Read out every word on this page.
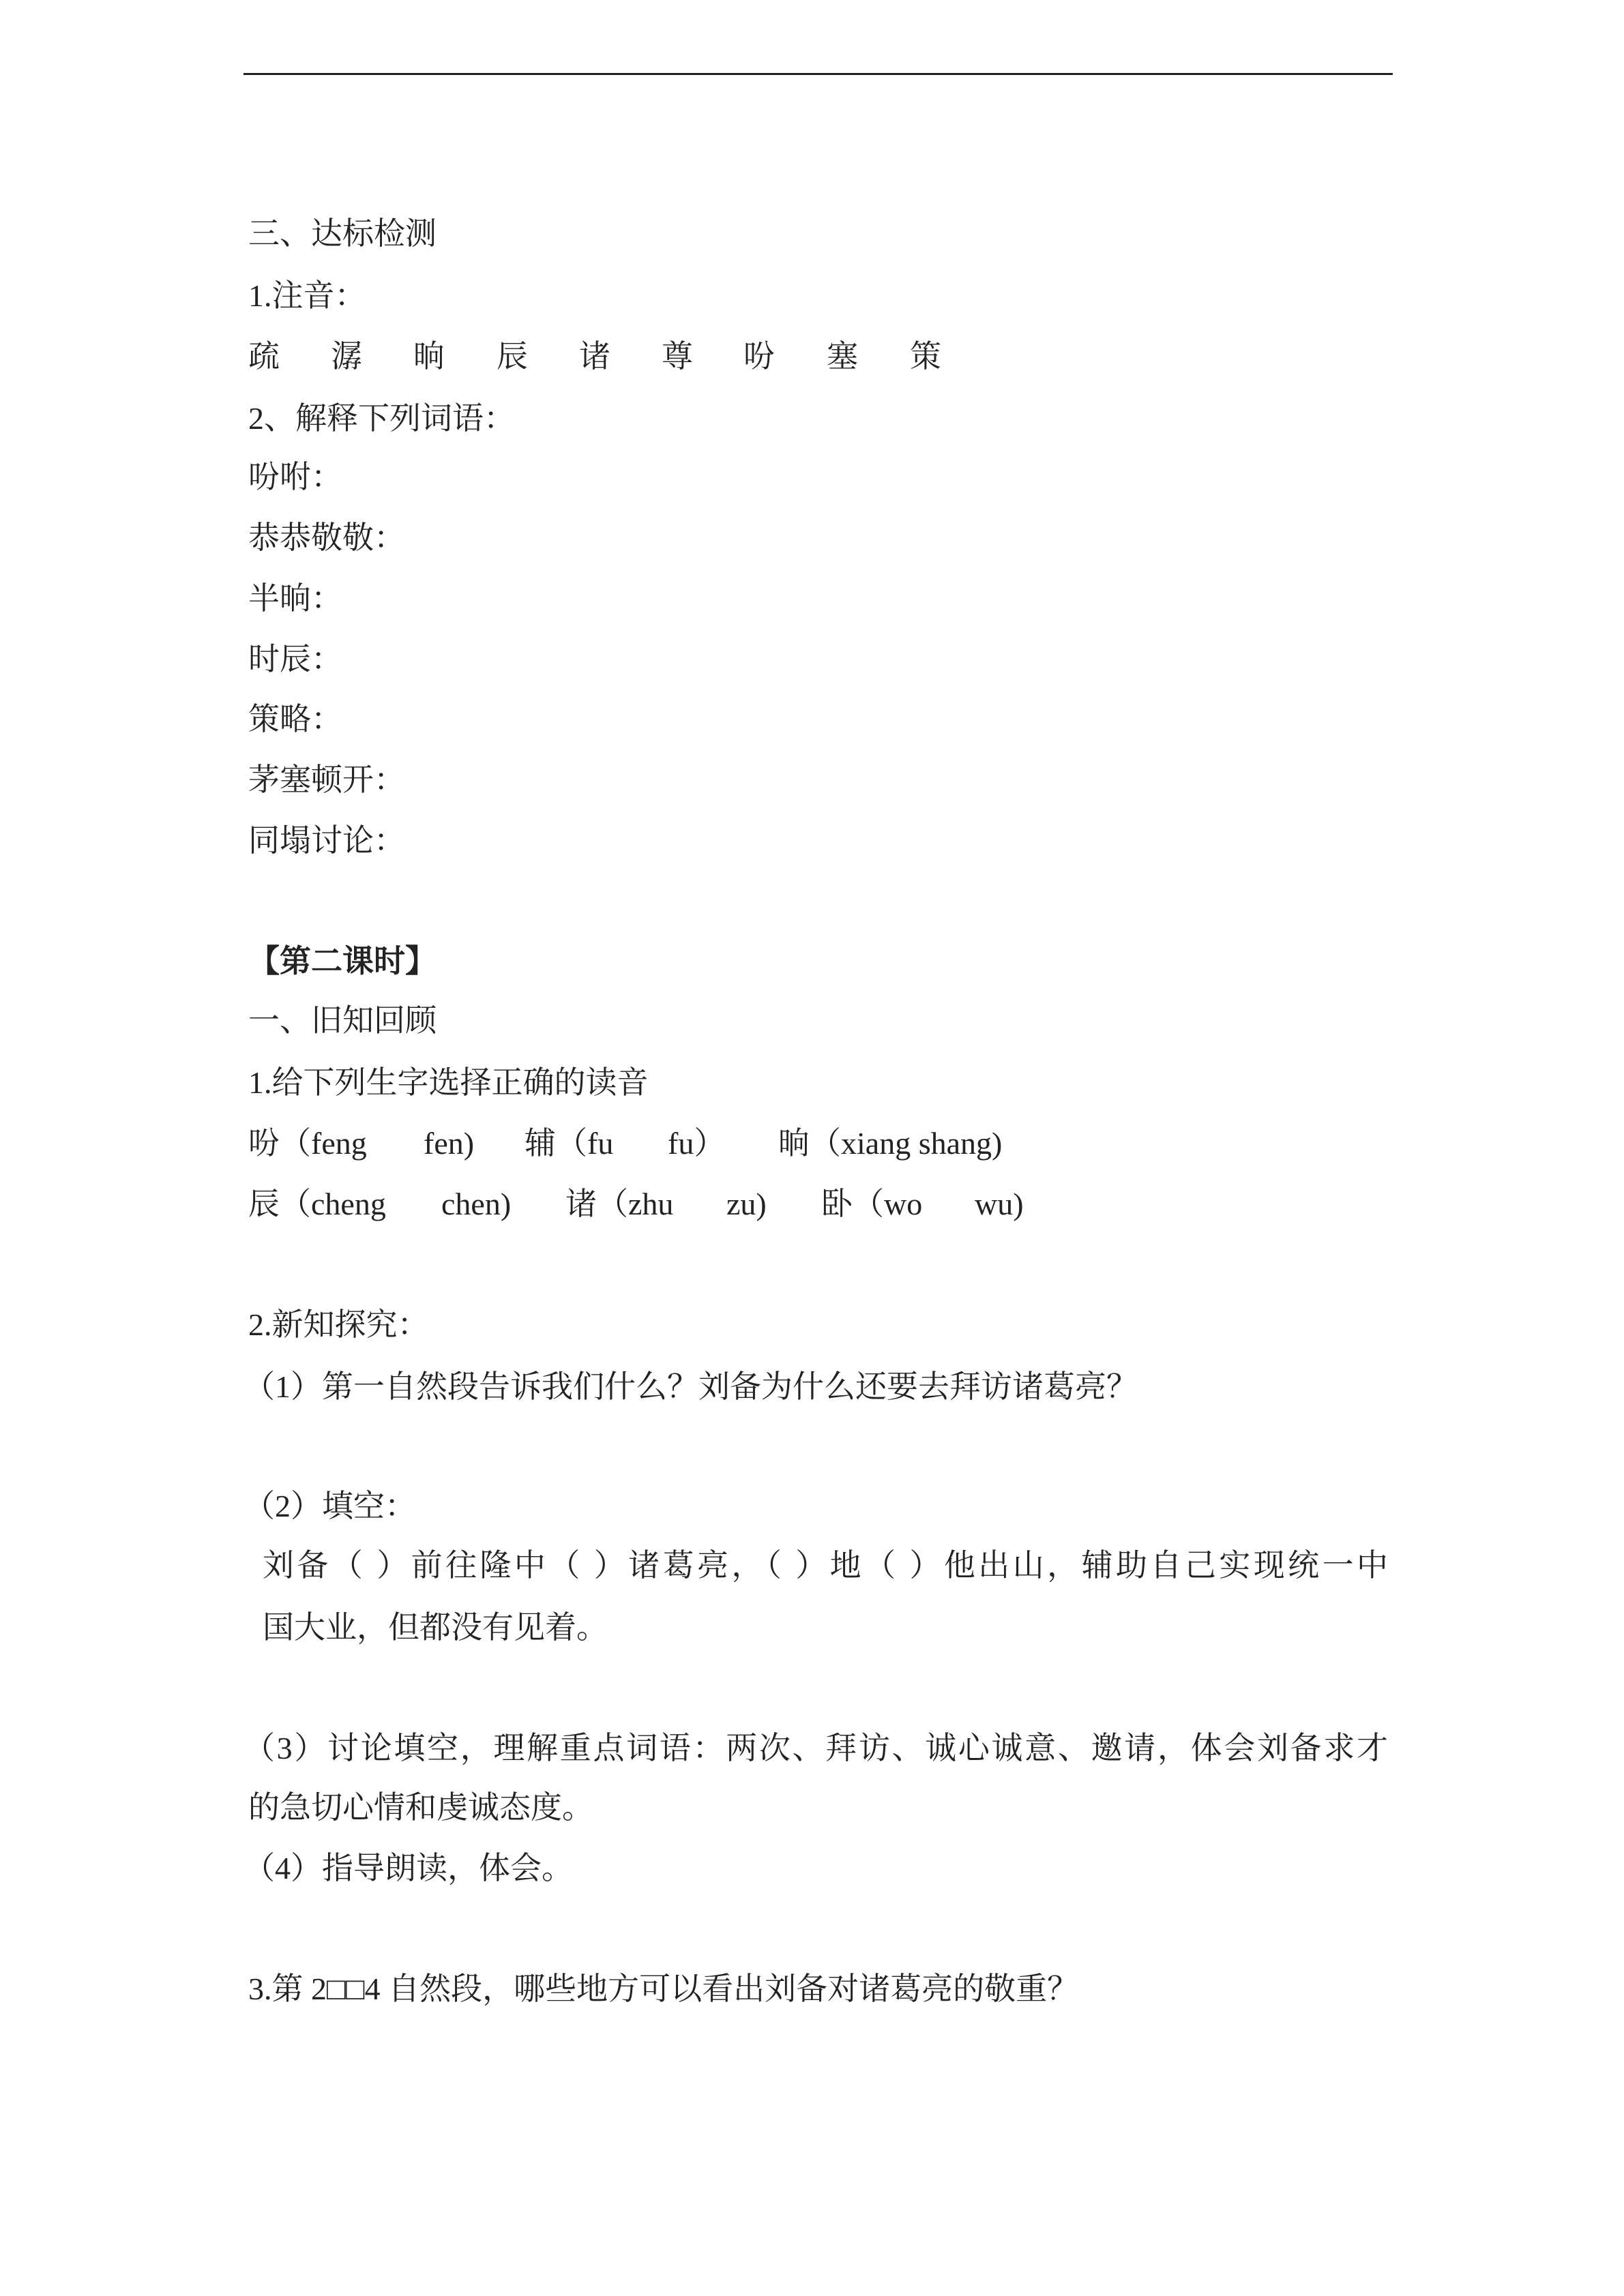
三、达标检测
1.注音：
疏 潺 晌 辰 诸 尊 吩 塞 策
2、解释下列词语：
吩咐：
恭恭敬敬：
半晌：
时辰：
策略：
茅塞顿开：
同塌讨论：
【第二课时】
一、旧知回顾
1.给下列生字选择正确的读音
吩（feng fen) 辅（fu fu） 晌（xiang shang)
辰（cheng chen) 诸（zhu zu) 卧（wo wu)
2.新知探究：
（1）第一自然段告诉我们什么？刘备为什么还要去拜访诸葛亮？
（2）填空：
刘备（ ）前往隆中（ ）诸葛亮，（ ）地（ ）他出山，辅助自己实现统一中
国大业，但都没有见着。
（3）讨论填空，理解重点词语：两次、拜访、诚心诚意、邀请，体会刘备求才
的急切心情和虔诚态度。
（4）指导朗读，体会。
3.第 2□□4 自然段，哪些地方可以看出刘备对诸葛亮的敬重？
